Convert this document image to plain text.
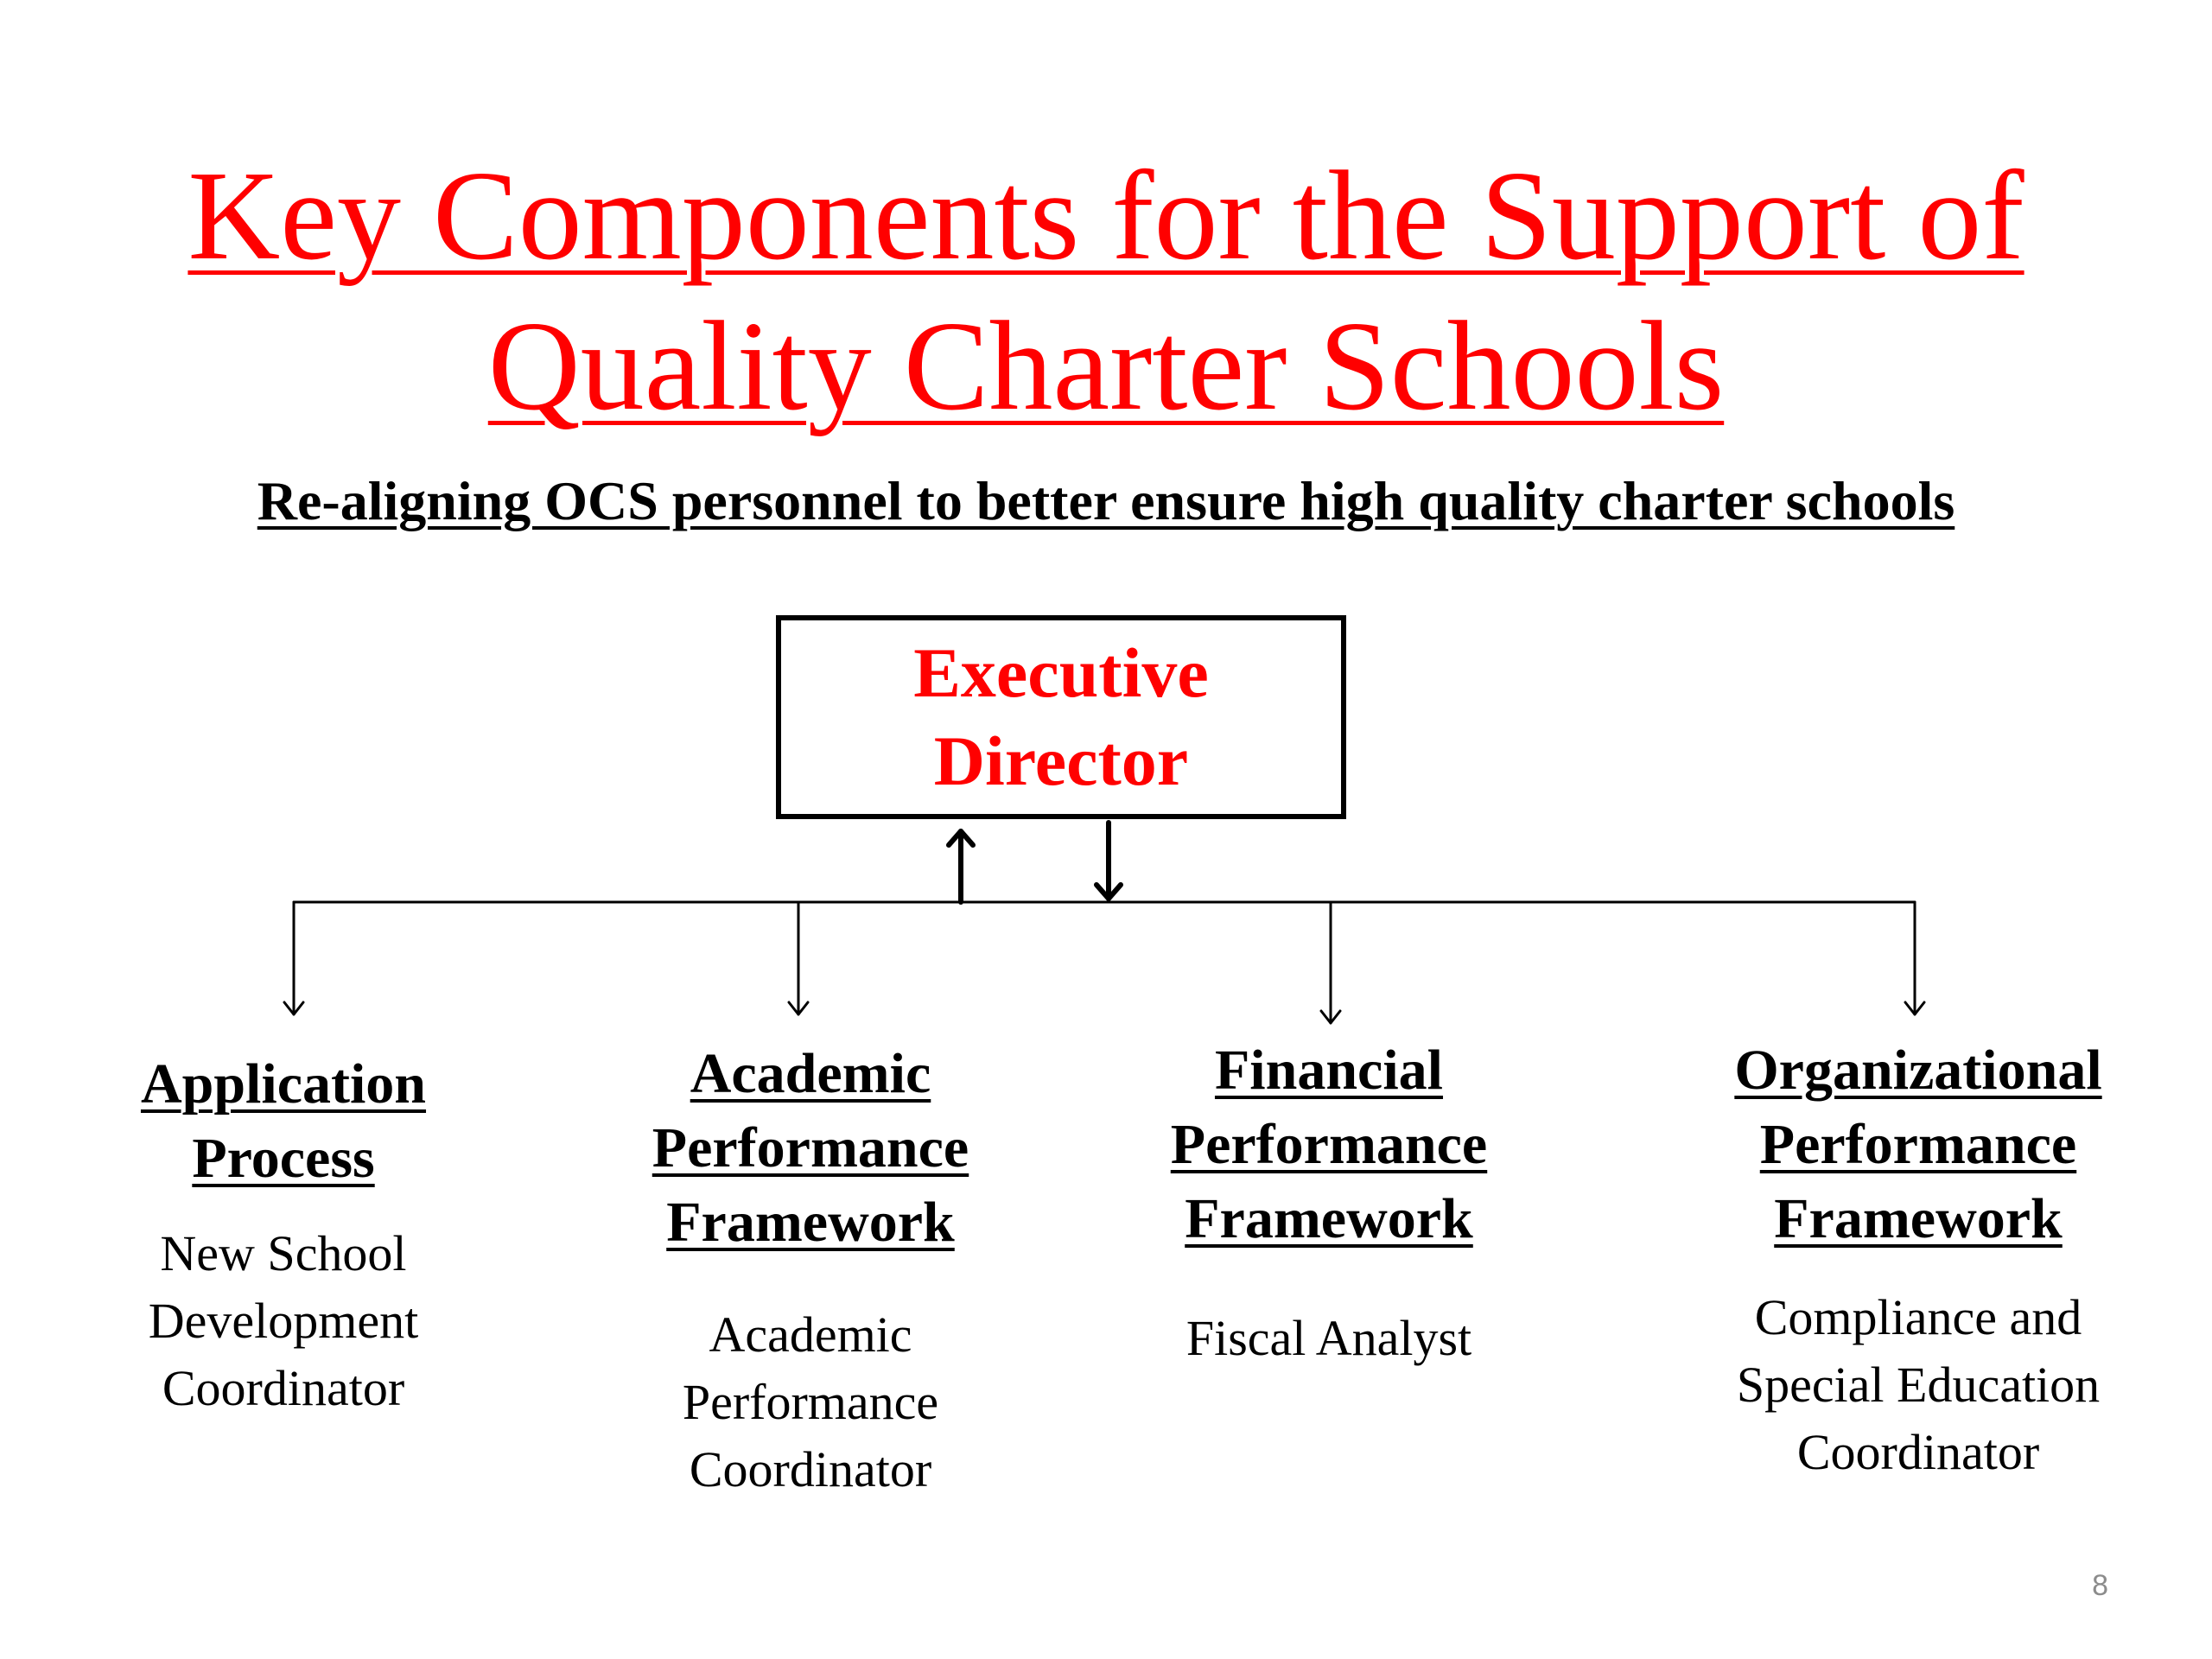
Key Components for the Support of
Quality Charter Schools
Re-aligning OCS personnel to better ensure high quality charter schools
Executive
Director
Application
Process
New School
Development
Coordinator
Academic
Performance
Framework
Academic
Performance
Coordinator
Financial
Performance
Framework
Fiscal Analyst
Organizational
Performance
Framework
Compliance and
Special Education
Coordinator
8
